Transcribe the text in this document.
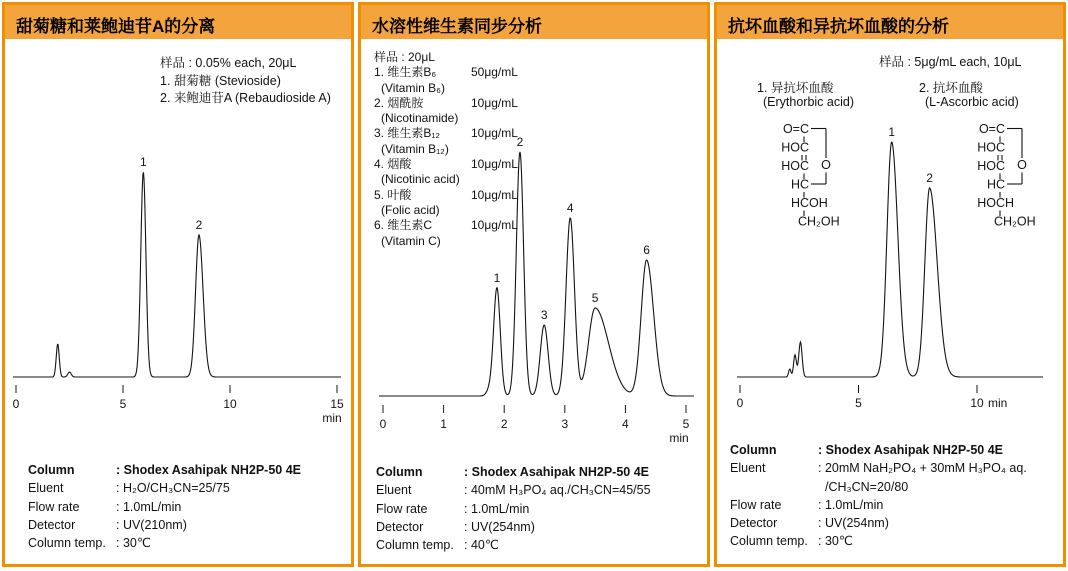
0	5	10	15
min
1
2
甜菊糖和莱鲍迪苷A的分离
样品 : 0.05% each, 20μL
1. 甜菊糖 (Stevioside)
2. 来鲍迪苷A (Rebaudioside A)
Column	: Shodex Asahipak NH2P-50 4E
Eluent	: H₂O/CH₃CN=25/75
Flow rate	: 1.0mL/min
Detector	: UV(210nm)
Column temp. : 30℃
0	1	2	3	4	5
min
1
2
3
4
5
6
水溶性维生素同步分析
样品 : 20μL
1. 维生素B₆	50μg/mL
(Vitamin B₆)
2. 烟酰胺	10μg/mL
(Nicotinamide)
3. 维生素B₁₂	10μg/mL
(Vitamin B₁₂)
4. 烟酸	10μg/mL
(Nicotinic acid)
5. 叶酸	10μg/mL
(Folic acid)
6. 维生素C	10μg/mL
(Vitamin C)
Column	: Shodex Asahipak NH2P-50 4E
Eluent	: 40mM H₃PO₄ aq./CH₃CN=45/55
Flow rate	: 1.0mL/min
Detector	: UV(254nm)
Column temp. : 40℃
0	5	10 min
1
2
抗坏血酸和异抗坏血酸的分析
样品 : 5μg/mL each, 10μL
1. 异抗坏血酸
(Erythorbic acid)
2. 抗坏血酸
(L-Ascorbic acid)
O=C
HOC
HOC
HC
HC OH
CH₂OH
O
O=C
HOC
HOC
HC
HOC H
CH₂OH
O
Column	: Shodex Asahipak NH2P-50 4E
Eluent	: 20mM NaH₂PO₄ + 30mM H₃PO₄ aq.
/CH₃CN=20/80
Flow rate	: 1.0mL/min
Detector	: UV(254nm)
Column temp. : 30℃
